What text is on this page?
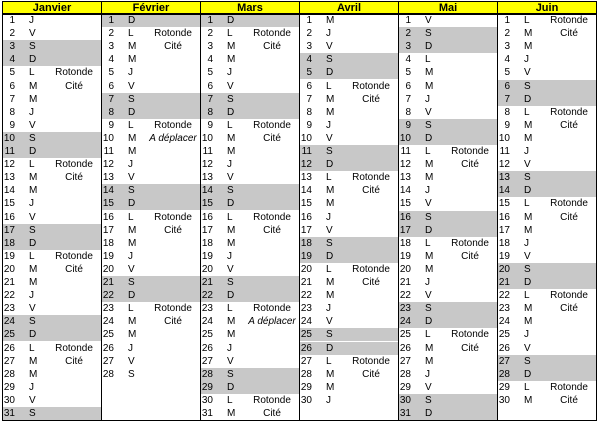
Janvier
1 J
2 V
3 S
4 D
5 L	Rotonde
6 M	Cité
7 M
8 J
9 V
10 S
11 D
12 L	Rotonde
13 M	Cité
14 M
15 J
16 V
17 S
18 D
19 L	Rotonde
20 M	Cité
21 M
22 J
23 V
24 S
25 D
26 L	Rotonde
27 M	Cité
28 M
29 J
30 V
31 S
Février
1 D
2 L	Rotonde
3 M	Cité
4 M
5 J
6 V
7 S
8 D
9 L	Rotonde
10 M A déplacer
11 M
12 J
13 V
14 S
15 D
16 L	Rotonde
17 M	Cité
18 M
19 J
20 V
21 S
22 D
23 L	Rotonde
24 M	Cité
25 M
26 J
27 V
28 S
Mars
1 D
2 L	Rotonde
3 M	Cité
4 M
5 J
6 V
7 S
8 D
9 L	Rotonde
10 M	Cité
11 M
12 J
13 V
14 S
15 D
16 L	Rotonde
17 M	Cité
18 M
19 J
20 V
21 S
22 D
23 L	Rotonde
24 M A déplacer
25 M
26 J
27 V
28 S
29 D
30 L	Rotonde
31 M	Cité
Avril
1 M
2 J
3 V
4 S
5 D
6 L	Rotonde
7 M	Cité
8 M
9 J
10 V
11 S
12 D
13 L	Rotonde
14 M	Cité
15 M
16 J
17 V
18 S
19 D
20 L	Rotonde
21 M	Cité
22 M
23 J
24 V
25 S
26 D
27 L	Rotonde
28 M	Cité
29 M
30 J
Mai
1 V
2 S
3 D
4 L
5 M
6 M
7 J
8 V
9 S
10 D
11 L	Rotonde
12 M	Cité
13 M
14 J
15 V
16 S
17 D
18 L	Rotonde
19 M	Cité
20 M
21 J
22 V
23 S
24 D
25 L	Rotonde
26 M	Cité
27 M
28 J
29 V
30 S
31 D
Juin
1 L	Rotonde
2 M	Cité
3 M
4 J
5 V
6 S
7 D
8 L	Rotonde
9 M	Cité
10 M
11 J
12 V
13 S
14 D
15 L	Rotonde
16 M	Cité
17 M
18 J
19 V
20 S
21 D
22 L	Rotonde
23 M	Cité
24 M
25 J
26 V
27 S
28 D
29 L	Rotonde
30 M	Cité
